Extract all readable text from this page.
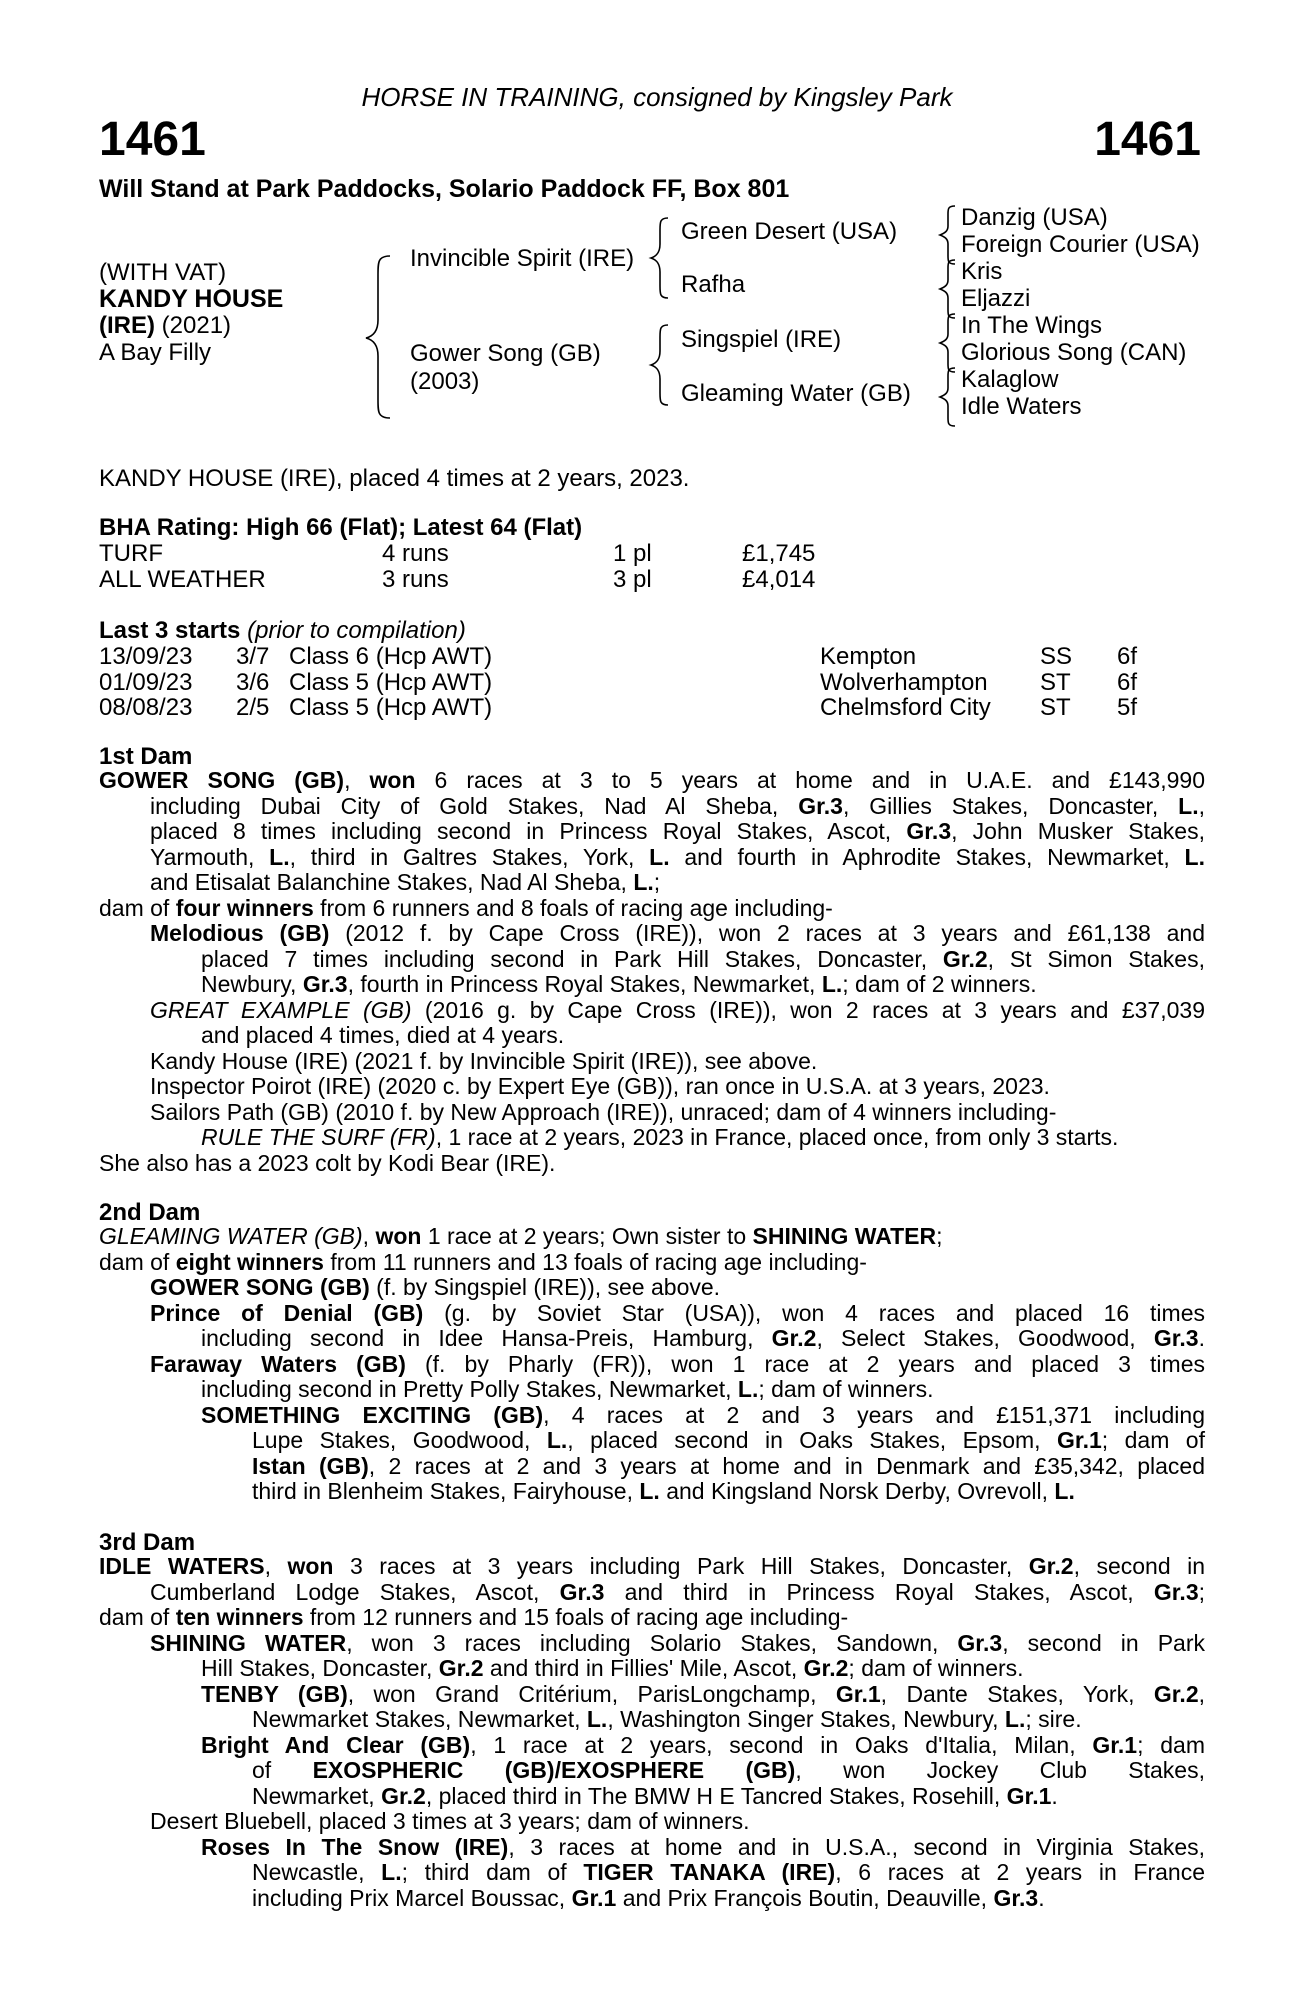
HORSE IN TRAINING, consigned by Kingsley Park
1461	1461
Will Stand at Park Paddocks, Solario Paddock FF, Box 801
(WITH VAT)
KANDY HOUSE
(IRE) (2021)
A Bay Filly
Invincible Spirit (IRE)
Gower Song (GB)
(2003)
Green Desert (USA)
Rafha
Singspiel (IRE)
Gleaming Water (GB)
Danzig (USA)
Foreign Courier (USA)
Kris
Eljazzi
In The Wings
Glorious Song (CAN)
Kalaglow
Idle Waters
KANDY HOUSE (IRE), placed 4 times at 2 years, 2023.
BHA Rating: High 66 (Flat); Latest 64 (Flat)
TURF	4 runs	1 pl	£1,745
ALL WEATHER	3 runs	3 pl	£4,014
Last 3 starts (prior to compilation)
13/09/23 3/7 Class 6 (Hcp AWT)	Kempton	SS 6f
01/09/23 3/6 Class 5 (Hcp AWT)	Wolverhampton ST 6f
08/08/23 2/5 Class 5 (Hcp AWT)	Chelmsford City ST 5f
1st Dam
GOWER SONG (GB), won 6 races at 3 to 5 years at home and in U.A.E. and £143,990
including Dubai City of Gold Stakes, Nad Al Sheba, Gr.3, Gillies Stakes, Doncaster, L.,
placed 8 times including second in Princess Royal Stakes, Ascot, Gr.3, John Musker Stakes,
Yarmouth, L., third in Galtres Stakes, York, L. and fourth in Aphrodite Stakes, Newmarket, L.
and Etisalat Balanchine Stakes, Nad Al Sheba, L.;
dam of four winners from 6 runners and 8 foals of racing age including-
Melodious (GB) (2012 f. by Cape Cross (IRE)), won 2 races at 3 years and £61,138 and
placed 7 times including second in Park Hill Stakes, Doncaster, Gr.2, St Simon Stakes,
Newbury, Gr.3, fourth in Princess Royal Stakes, Newmarket, L.; dam of 2 winners.
GREAT EXAMPLE (GB) (2016 g. by Cape Cross (IRE)), won 2 races at 3 years and £37,039
and placed 4 times, died at 4 years.
Kandy House (IRE) (2021 f. by Invincible Spirit (IRE)), see above.
Inspector Poirot (IRE) (2020 c. by Expert Eye (GB)), ran once in U.S.A. at 3 years, 2023.
Sailors Path (GB) (2010 f. by New Approach (IRE)), unraced; dam of 4 winners including-
RULE THE SURF (FR), 1 race at 2 years, 2023 in France, placed once, from only 3 starts.
She also has a 2023 colt by Kodi Bear (IRE).
2nd Dam
GLEAMING WATER (GB), won 1 race at 2 years; Own sister to SHINING WATER;
dam of eight winners from 11 runners and 13 foals of racing age including-
GOWER SONG (GB) (f. by Singspiel (IRE)), see above.
Prince of Denial (GB) (g. by Soviet Star (USA)), won 4 races and placed 16 times
including second in Idee Hansa-Preis, Hamburg, Gr.2, Select Stakes, Goodwood, Gr.3.
Faraway Waters (GB) (f. by Pharly (FR)), won 1 race at 2 years and placed 3 times
including second in Pretty Polly Stakes, Newmarket, L.; dam of winners.
SOMETHING EXCITING (GB), 4 races at 2 and 3 years and £151,371 including
Lupe Stakes, Goodwood, L., placed second in Oaks Stakes, Epsom, Gr.1; dam of
Istan (GB), 2 races at 2 and 3 years at home and in Denmark and £35,342, placed
third in Blenheim Stakes, Fairyhouse, L. and Kingsland Norsk Derby, Ovrevoll, L.
3rd Dam
IDLE WATERS, won 3 races at 3 years including Park Hill Stakes, Doncaster, Gr.2, second in
Cumberland Lodge Stakes, Ascot, Gr.3 and third in Princess Royal Stakes, Ascot, Gr.3;
dam of ten winners from 12 runners and 15 foals of racing age including-
SHINING WATER, won 3 races including Solario Stakes, Sandown, Gr.3, second in Park
Hill Stakes, Doncaster, Gr.2 and third in Fillies' Mile, Ascot, Gr.2; dam of winners.
TENBY (GB), won Grand Critérium, ParisLongchamp, Gr.1, Dante Stakes, York, Gr.2,
Newmarket Stakes, Newmarket, L., Washington Singer Stakes, Newbury, L.; sire.
Bright And Clear (GB), 1 race at 2 years, second in Oaks d'Italia, Milan, Gr.1; dam
of EXOSPHERIC (GB)/EXOSPHERE (GB), won Jockey Club Stakes,
Newmarket, Gr.2, placed third in The BMW H E Tancred Stakes, Rosehill, Gr.1.
Desert Bluebell, placed 3 times at 3 years; dam of winners.
Roses In The Snow (IRE), 3 races at home and in U.S.A., second in Virginia Stakes,
Newcastle, L.; third dam of TIGER TANAKA (IRE), 6 races at 2 years in France
including Prix Marcel Boussac, Gr.1 and Prix François Boutin, Deauville, Gr.3.
